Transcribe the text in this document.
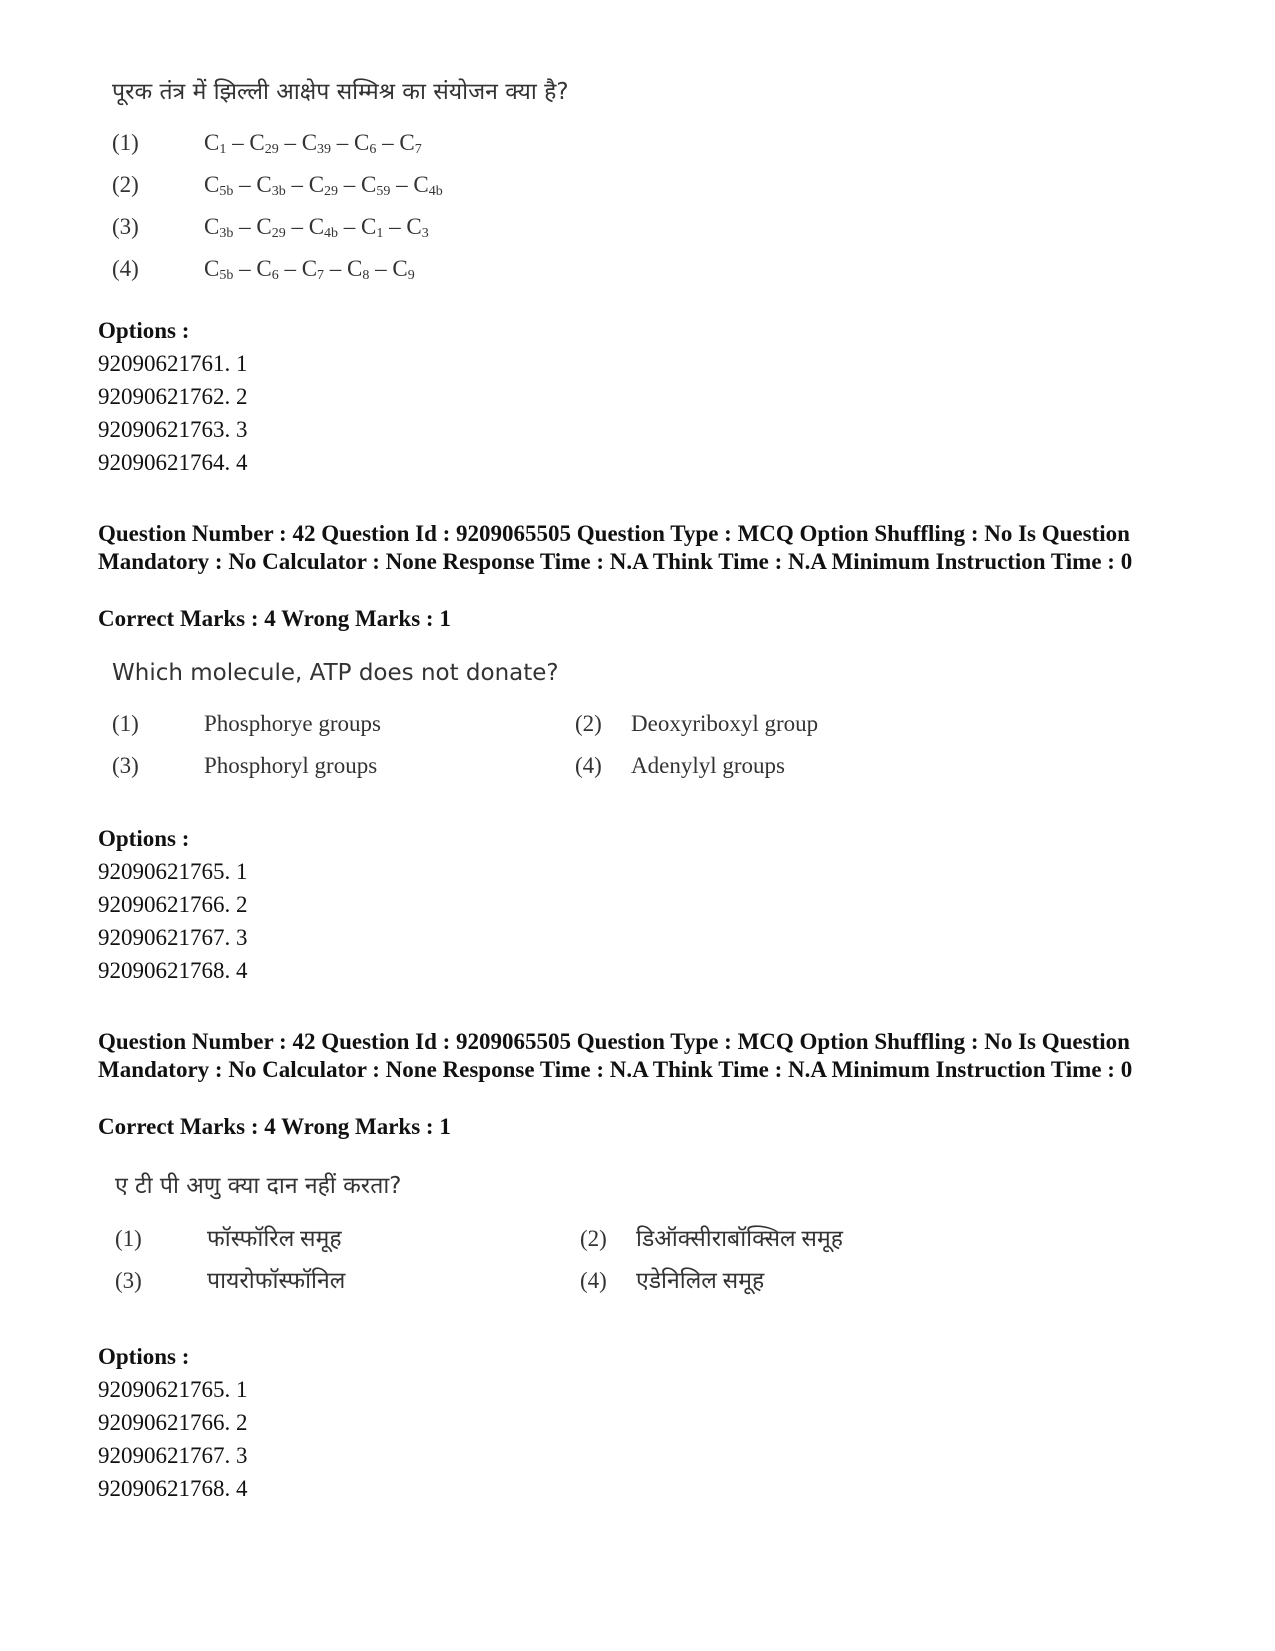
पूरक तंत्र में झिल्ली आक्षेप सम्मिश्र का संयोजन क्या है?
(1)	$C_1 - C_{29} - C_{39} - C_6 - C_7$
(2)	$C_{5b} - C_{3b} - C_{29} - C_{59} - C_{4b}$
(3)	$C_{3b} - C_{29} - C_{4b} - C_1 - C_3$
(4)	$C_{5b} - C_6 - C_7 - C_8 - C_9$
Options :
92090621761. 1
92090621762. 2
92090621763. 3
92090621764. 4
Question Number : 42 Question Id : 9209065505 Question Type : MCQ Option Shuffling : No Is Question Mandatory : No Calculator : None Response Time : N.A Think Time : N.A Minimum Instruction Time : 0
Correct Marks : 4 Wrong Marks : 1
Which molecule, ATP does not donate?
(1)	Phosphorye groups	(2) Deoxyriboxyl group
(3)	Phosphoryl groups	(4) Adenylyl groups
Options :
92090621765. 1
92090621766. 2
92090621767. 3
92090621768. 4
Question Number : 42 Question Id : 9209065505 Question Type : MCQ Option Shuffling : No Is Question Mandatory : No Calculator : None Response Time : N.A Think Time : N.A Minimum Instruction Time : 0
Correct Marks : 4 Wrong Marks : 1
ए टी पी अणु क्या दान नहीं करता?
(1)	फॉस्फॉरिल समूह	(2) डिऑक्सीराबॉक्सिल समूह
(3)	पायरोफॉस्फॉनिल	(4) एडेनिलिल समूह
Options :
92090621765. 1
92090621766. 2
92090621767. 3
92090621768. 4
